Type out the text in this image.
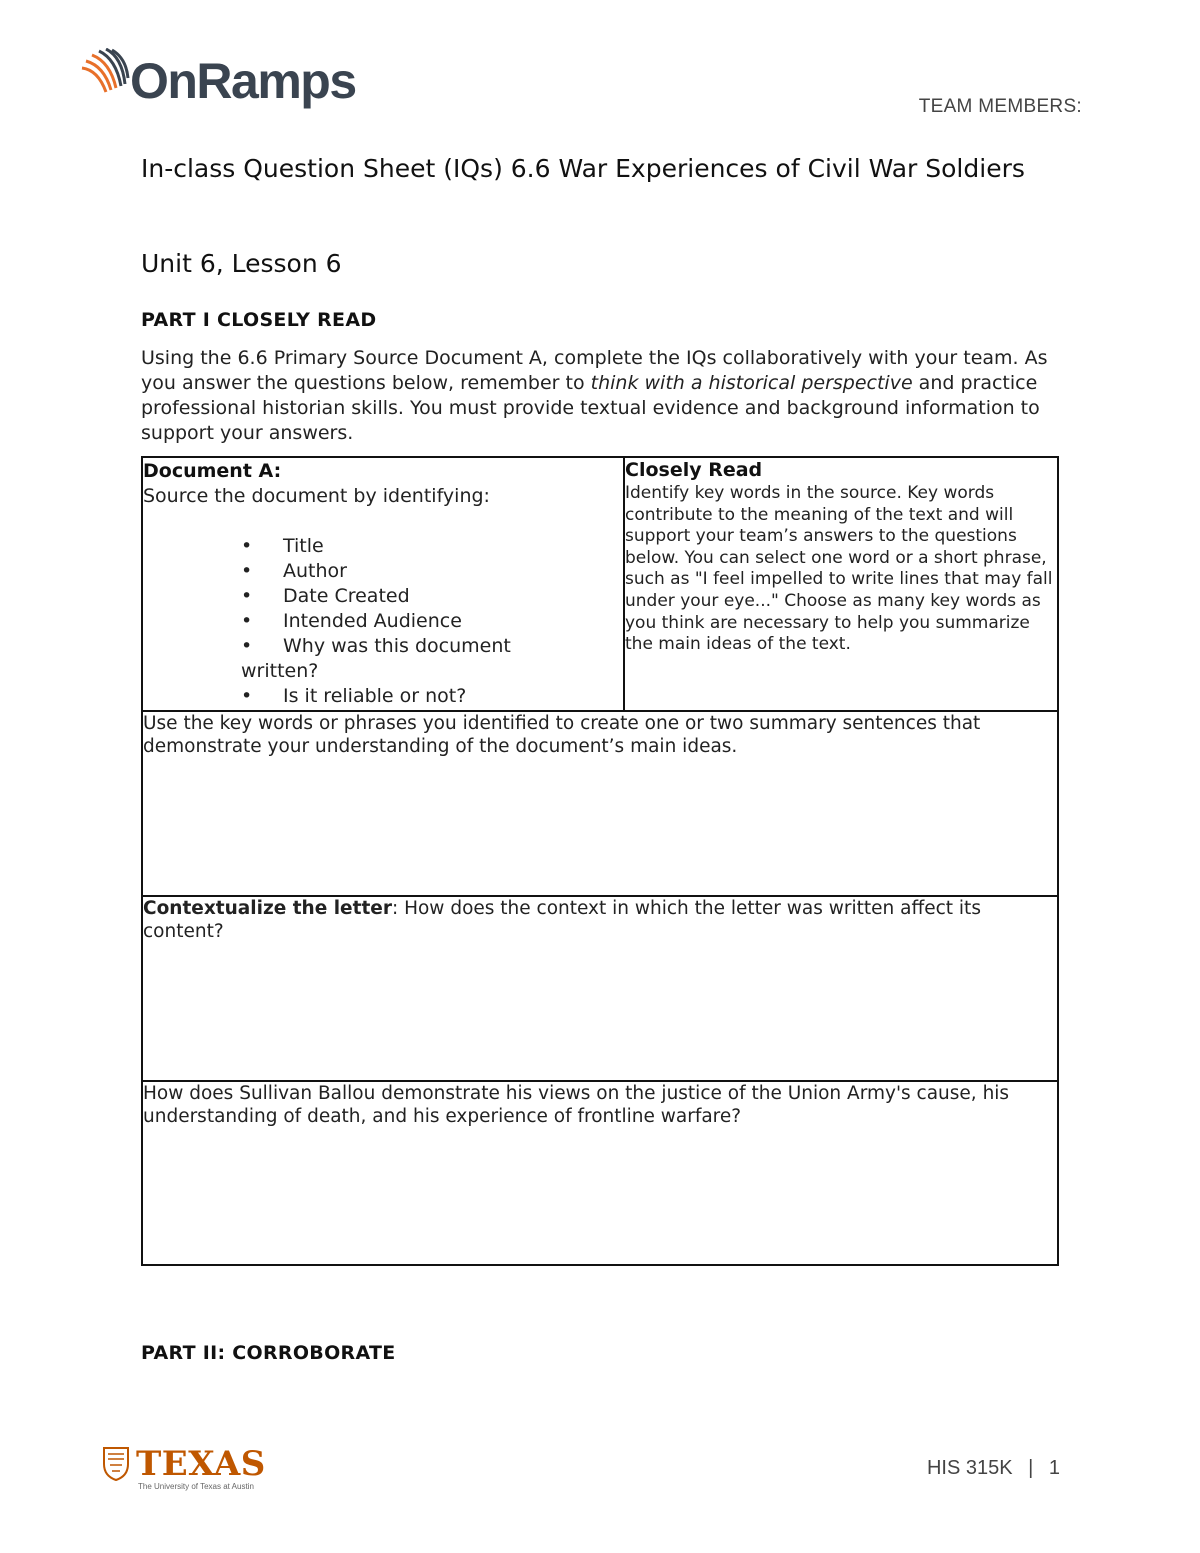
OnRamps	TEAM MEMBERS:
In-class Question Sheet (IQs) 6.6 War Experiences of Civil War Soldiers
Unit 6, Lesson 6
PART I CLOSELY READ
Using the 6.6 Primary Source Document A, complete the IQs collaboratively with your team. As you answer the questions below, remember to think with a historical perspective and practice professional historian skills. You must provide textual evidence and background information to support your answers.
Document A:
Source the document by identifying:
• Title
• Author
• Date Created
• Intended Audience
• Why was this document
written?
• Is it reliable or not?
Closely Read
Identify key words in the source. Key words contribute to the meaning of the text and will support your team’s answers to the questions below. You can select one word or a short phrase, such as "I feel impelled to write lines that may fall under your eye..." Choose as many key words as you think are necessary to help you summarize the main ideas of the text.
Use the key words or phrases you identified to create one or two summary sentences that demonstrate your understanding of the document’s main ideas.
Contextualize the letter: How does the context in which the letter was written affect its content?
How does Sullivan Ballou demonstrate his views on the justice of the Union Army's cause, his understanding of death, and his experience of frontline warfare?
PART II: CORROBORATE
TEXAS
The University of Texas at Austin
HIS 315K | 1
